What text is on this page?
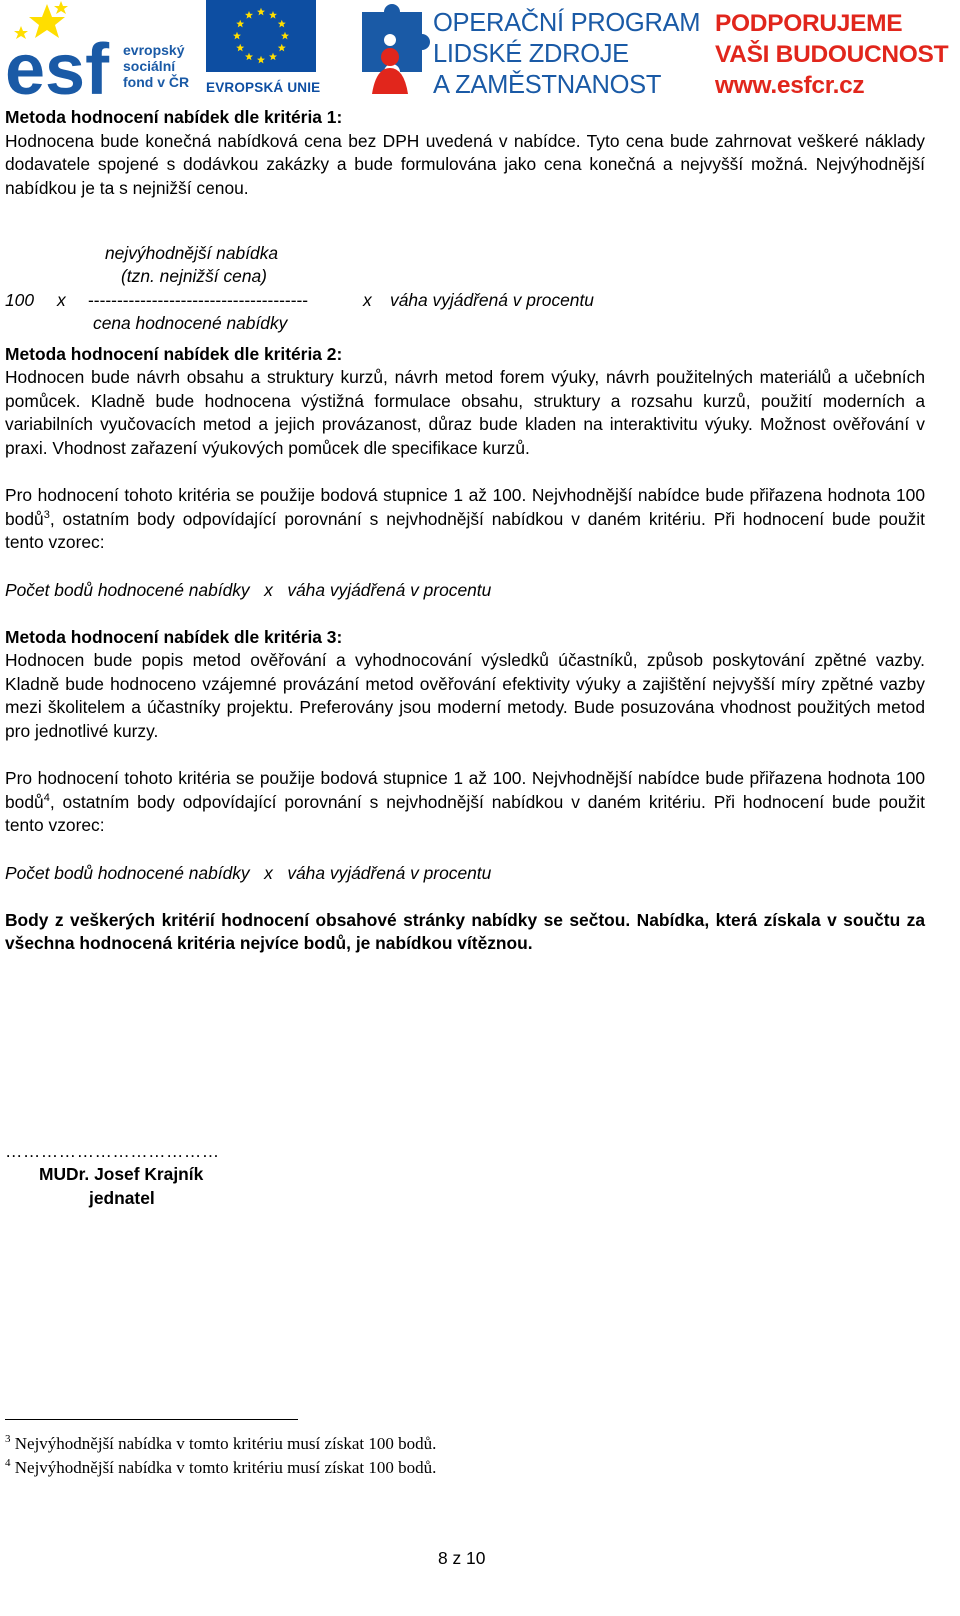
esf evropský
sociální
fond v ČR EVROPSKÁ UNIE
OPERAČNÍ PROGRAM
LIDSKÉ ZDROJE
A ZAMĚSTNANOST
PODPORUJEME
VAŠI BUDOUCNOST
www.esfcr.cz

Metoda hodnocení nabídek dle kritéria 1:

Hodnocena bude konečná nabídková cena bez DPH uvedená v nabídce. Tyto cena bude zahrnovat veškeré náklady dodavatele spojené s dodávkou zakázky a bude formulována jako cena konečná a nejvyšší možná. Nejvýhodnější nabídkou je ta s nejnižší cenou.

nejvýhodnější nabídka
(tzn. nejnižší cena)
100 x --------------------------------------	x váha vyjádřená v procentu
cena hodnocené nabídky

Metoda hodnocení nabídek dle kritéria 2:

Hodnocen bude návrh obsahu a struktury kurzů, návrh metod forem výuky, návrh použitelných materiálů a učebních pomůcek. Kladně bude hodnocena výstižná formulace obsahu, struktury a rozsahu kurzů, použití moderních a variabilních vyučovacích metod a jejich provázanost, důraz bude kladen na interaktivitu výuky. Možnost ověřování v praxi. Vhodnost zařazení výukových pomůcek dle specifikace kurzů.

Pro hodnocení tohoto kritéria se použije bodová stupnice 1 až 100. Nejvhodnější nabídce bude přiřazena hodnota 100 bodů$^3$, ostatním body odpovídající porovnání s nejvhodnější nabídkou v daném kritériu. Při hodnocení bude použit tento vzorec:

Počet bodů hodnocené nabídky   x   váha vyjádřená v procentu

Metoda hodnocení nabídek dle kritéria 3:

Hodnocen bude popis metod ověřování a vyhodnocování výsledků účastníků, způsob poskytování zpětné vazby. Kladně bude hodnoceno vzájemné provázání metod ověřování efektivity výuky a zajištění nejvyšší míry zpětné vazby mezi školitelem a účastníky projektu. Preferovány jsou moderní metody. Bude posuzována vhodnost použitých metod pro jednotlivé kurzy.

Pro hodnocení tohoto kritéria se použije bodová stupnice 1 až 100. Nejvhodnější nabídce bude přiřazena hodnota 100 bodů$^4$, ostatním body odpovídající porovnání s nejvhodnější nabídkou v daném kritériu. Při hodnocení bude použit tento vzorec:

Počet bodů hodnocené nabídky   x   váha vyjádřená v procentu

Body z veškerých kritérií hodnocení obsahové stránky nabídky se sečtou. Nabídka, která získala v součtu za všechna hodnocená kritéria nejvíce bodů, je nabídkou vítěznou.

………………………………
MUDr. Josef Krajník
jednatel
$^3$ Nejvýhodnější nabídka v tomto kritériu musí získat 100 bodů.
$^4$ Nejvýhodnější nabídka v tomto kritériu musí získat 100 bodů.
8 z 10
